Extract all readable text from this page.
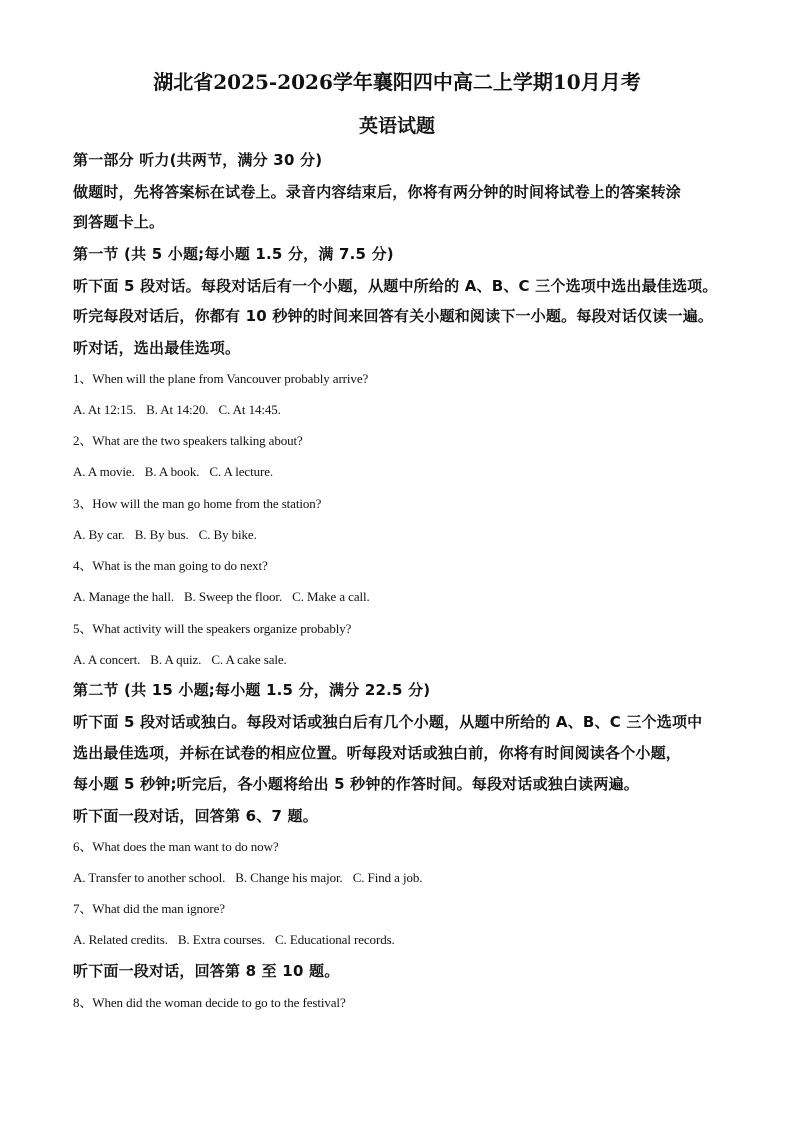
湖北省2025-2026学年襄阳四中高二上学期10月月考
英语试题
第一部分 听力(共两节，满分 30 分)
做题时，先将答案标在试卷上。录音内容结束后，你将有两分钟的时间将试卷上的答案转涂
到答题卡上。
第一节 (共 5 小题;每小题 1.5 分，满 7.5 分)
听下面 5 段对话。每段对话后有一个小题，从题中所给的 A、B、C 三个选项中选出最佳选项。
听完每段对话后，你都有 10 秒钟的时间来回答有关小题和阅读下一小题。每段对话仅读一遍。
听对话，选出最佳选项。
1、When will the plane from Vancouver probably arrive?
A. At 12:15. B. At 14:20. C. At 14:45.
2、What are the two speakers talking about?
A. A movie. B. A book. C. A lecture.
3、How will the man go home from the station?
A. By car. B. By bus. C. By bike.
4、What is the man going to do next?
A. Manage the hall. B. Sweep the floor. C. Make a call.
5、What activity will the speakers organize probably?
A. A concert. B. A quiz. C. A cake sale.
第二节 (共 15 小题;每小题 1.5 分，满分 22.5 分)
听下面 5 段对话或独白。每段对话或独白后有几个小题，从题中所给的 A、B、C 三个选项中
选出最佳选项，并标在试卷的相应位置。听每段对话或独白前，你将有时间阅读各个小题，
每小题 5 秒钟;听完后，各小题将给出 5 秒钟的作答时间。每段对话或独白读两遍。
听下面一段对话，回答第 6、7 题。
6、What does the man want to do now?
A. Transfer to another school. B. Change his major. C. Find a job.
7、What did the man ignore?
A. Related credits. B. Extra courses. C. Educational records.
听下面一段对话，回答第 8 至 10 题。
8、When did the woman decide to go to the festival?
